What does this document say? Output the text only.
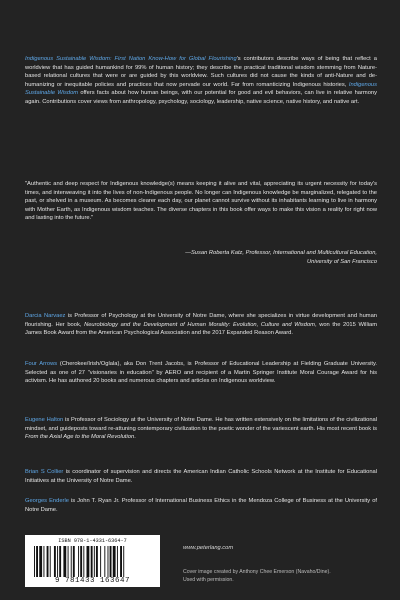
Indigenous Sustainable Wisdom: First Nation Know-How for Global Flourishing's contributors describe ways of being that reflect a worldview that has guided humankind for 99% of human history; they describe the practical traditional wisdom stemming from Nature-based relational cultures that were or are guided by this worldview. Such cultures did not cause the kinds of anti-Nature and de-humanizing or inequitable policies and practices that now pervade our world. Far from romanticizing Indigenous histories, Indigenous Sustainable Wisdom offers facts about how human beings, with our potential for good and evil behaviors, can live in relative harmony again. Contributions cover views from anthropology, psychology, sociology, leadership, native science, native history, and native art.

"Authentic and deep respect for Indigenous knowledge(s) means keeping it alive and vital, appreciating its urgent necessity for today's times, and interweaving it into the lives of non-Indigenous people. No longer can Indigenous knowledge be marginalized, relegated to the past, or shelved in a museum. As becomes clearer each day, our planet cannot survive without its inhabitants learning to live in harmony with Mother Earth, as Indigenous wisdom teaches. The diverse chapters in this book offer ways to make this vision a reality for right now and lasting into the future."

—Susan Roberta Katz, Professor, International and Multicultural Education,
University of San Francisco

Darcia Narvaez is Professor of Psychology at the University of Notre Dame, where she specializes in virtue development and human flourishing. Her book, Neurobiology and the Development of Human Morality: Evolution, Culture and Wisdom, won the 2015 William James Book Award from the American Psychological Association and the 2017 Expanded Reason Award.

Four Arrows (Cherokee/Irish/Oglala), aka Don Trent Jacobs, is Professor of Educational Leadership at Fielding Graduate University. Selected as one of 27 "visionaries in education" by AERO and recipient of a Martin Springer Institute Moral Courage Award for his activism. He has authored 20 books and numerous chapters and articles on Indigenous worldview.

Eugene Halton is Professor of Sociology at the University of Notre Dame. He has written extensively on the limitations of the civilizational mindset, and guideposts toward re-attuning contemporary civilization to the poetic wonder of the variescent earth. His most recent book is From the Axial Age to the Moral Revolution.

Brian S Collier is coordinator of supervision and directs the American Indian Catholic Schools Network at the Institute for Educational Initiatives at the University of Notre Dame.

Georges Enderle is John T. Ryan Jr. Professor of International Business Ethics in the Mendoza College of Business at the University of Notre Dame.

ISBN 978-1-4331-6364-7
9 781433 163647
www.peterlang.com
Cover image created by Anthony Chee Emerson (Navaho/Dine).
Used with permission.
